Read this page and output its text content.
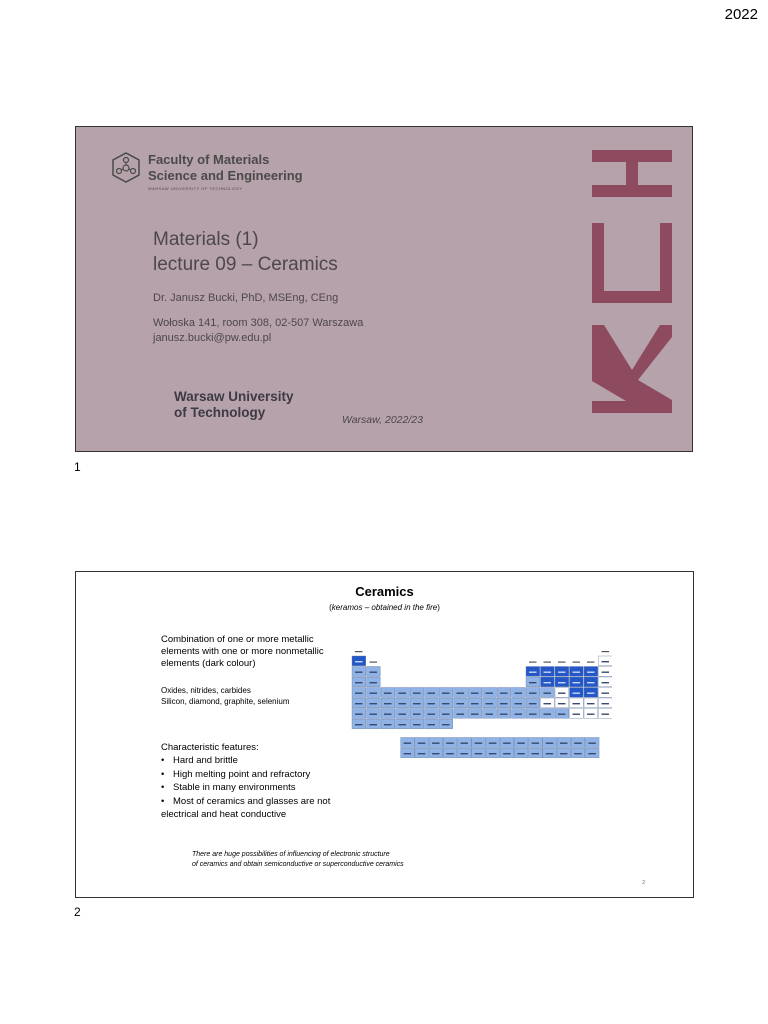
2022
Faculty of Materials
Science and Engineering
WARSAW UNIVERSITY OF TECHNOLOGY
Materials (1)
lecture 09 – Ceramics
Dr. Janusz Bucki, PhD, MSEng, CEng
Wołoska 141, room 308, 02-507 Warszawa
janusz.bucki@pw.edu.pl
Warsaw University
of Technology	Warsaw, 2022/23
1
Ceramics
(keramos – obtained in the fire)
Combination of one or more metallic elements with one or more nonmetallic elements (dark colour)
Oxides, nitrides, carbides
Silicon, diamond, graphite, selenium
Characteristic features:
• Hard and brittle
• High melting point and refractory
• Stable in many environments
• Most of ceramics and glasses are not
electrical and heat conductive
There are huge possibilities of influencing of electronic structure
of ceramics and obtain semiconductive or superconductive ceramics
2
2
